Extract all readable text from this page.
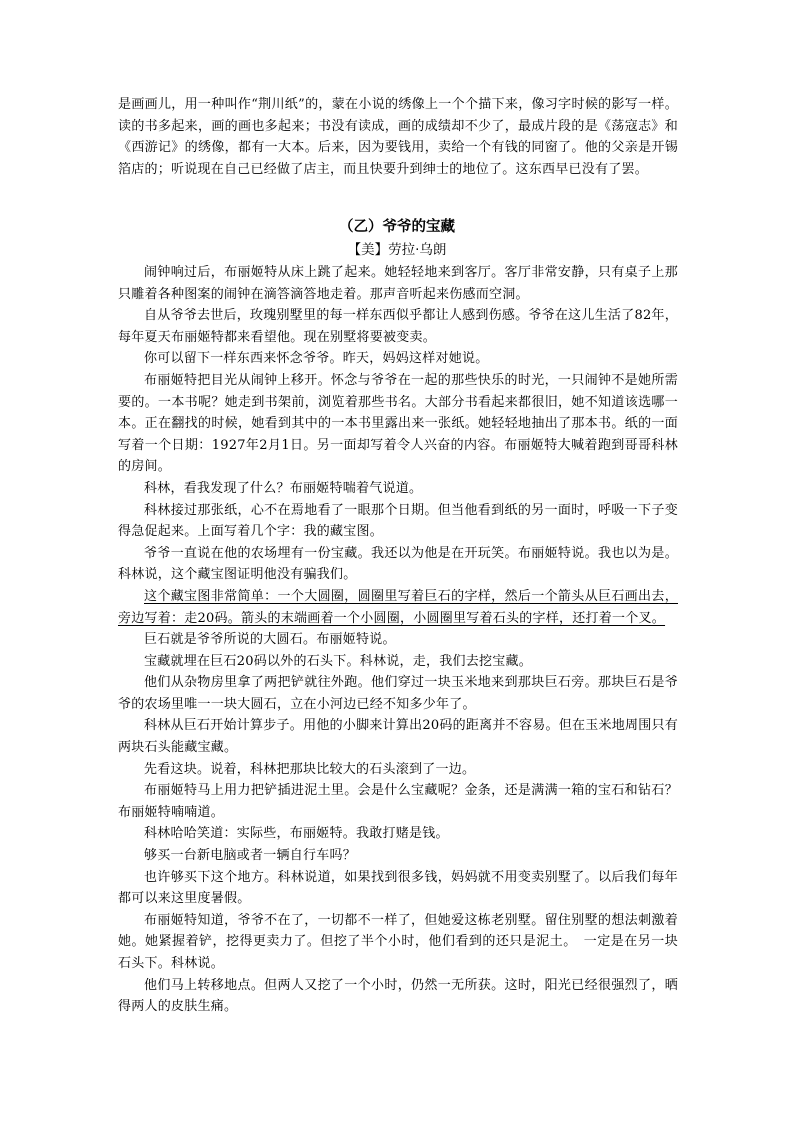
是画画儿，用一种叫作“荆川纸”的，蒙在小说的绣像上一个个描下来，像习字时候的影写一样。读的书多起来，画的画也多起来；书没有读成，画的成绩却不少了，最成片段的是《荡寇志》和《西游记》的绣像，都有一大本。后来，因为要钱用，卖给一个有钱的同窗了。他的父亲是开锡箔店的；听说现在自己已经做了店主，而且快要升到绅士的地位了。这东西早已没有了罢。

（乙）爷爷的宝藏
【美】劳拉·乌朗

闹钟响过后，布丽姬特从床上跳了起来。她轻轻地来到客厅。客厅非常安静，只有桌子上那只雕着各种图案的闹钟在滴答滴答地走着。那声音听起来伤感而空洞。

自从爷爷去世后，玫瑰别墅里的每一样东西似乎都让人感到伤感。爷爷在这儿生活了82年，每年夏天布丽姬特都来看望他。现在别墅将要被变卖。

你可以留下一样东西来怀念爷爷。昨天，妈妈这样对她说。

布丽姬特把目光从闹钟上移开。怀念与爷爷在一起的那些快乐的时光，一只闹钟不是她所需要的。一本书呢？她走到书架前，浏览着那些书名。大部分书看起来都很旧，她不知道该选哪一本。正在翻找的时候，她看到其中的一本书里露出来一张纸。她轻轻地抽出了那本书。纸的一面写着一个日期：1927年2月1日。另一面却写着令人兴奋的内容。布丽姬特大喊着跑到哥哥科林的房间。

科林，看我发现了什么？布丽姬特喘着气说道。

科林接过那张纸，心不在焉地看了一眼那个日期。但当他看到纸的另一面时，呼吸一下子变得急促起来。上面写着几个字：我的藏宝图。

爷爷一直说在他的农场埋有一份宝藏。我还以为他是在开玩笑。布丽姬特说。我也以为是。科林说，这个藏宝图证明他没有骗我们。

这个藏宝图非常简单：一个大圆圈，圆圈里写着巨石的字样，然后一个箭头从巨石画出去，旁边写着：走20码。箭头的末端画着一个小圆圈，小圆圈里写着石头的字样，还打着一个叉。

巨石就是爷爷所说的大圆石。布丽姬特说。

宝藏就埋在巨石20码以外的石头下。科林说，走，我们去挖宝藏。

他们从杂物房里拿了两把铲就往外跑。他们穿过一块玉米地来到那块巨石旁。那块巨石是爷爷的农场里唯一一块大圆石，立在小河边已经不知多少年了。

科林从巨石开始计算步子。用他的小脚来计算出20码的距离并不容易。但在玉米地周围只有两块石头能藏宝藏。

先看这块。说着，科林把那块比较大的石头滚到了一边。

布丽姬特马上用力把铲插进泥土里。会是什么宝藏呢？金条，还是满满一箱的宝石和钻石？布丽姬特喃喃道。

科林哈哈笑道：实际些，布丽姬特。我敢打赌是钱。

够买一台新电脑或者一辆自行车吗？

也许够买下这个地方。科林说道，如果找到很多钱，妈妈就不用变卖别墅了。以后我们每年都可以来这里度暑假。

布丽姬特知道，爷爷不在了，一切都不一样了，但她爱这栋老别墅。留住别墅的想法刺激着她。她紧握着铲，挖得更卖力了。但挖了半个小时，他们看到的还只是泥土。　一定是在另一块石头下。科林说。

他们马上转移地点。但两人又挖了一个小时，仍然一无所获。这时，阳光已经很强烈了，晒得两人的皮肤生痛。
